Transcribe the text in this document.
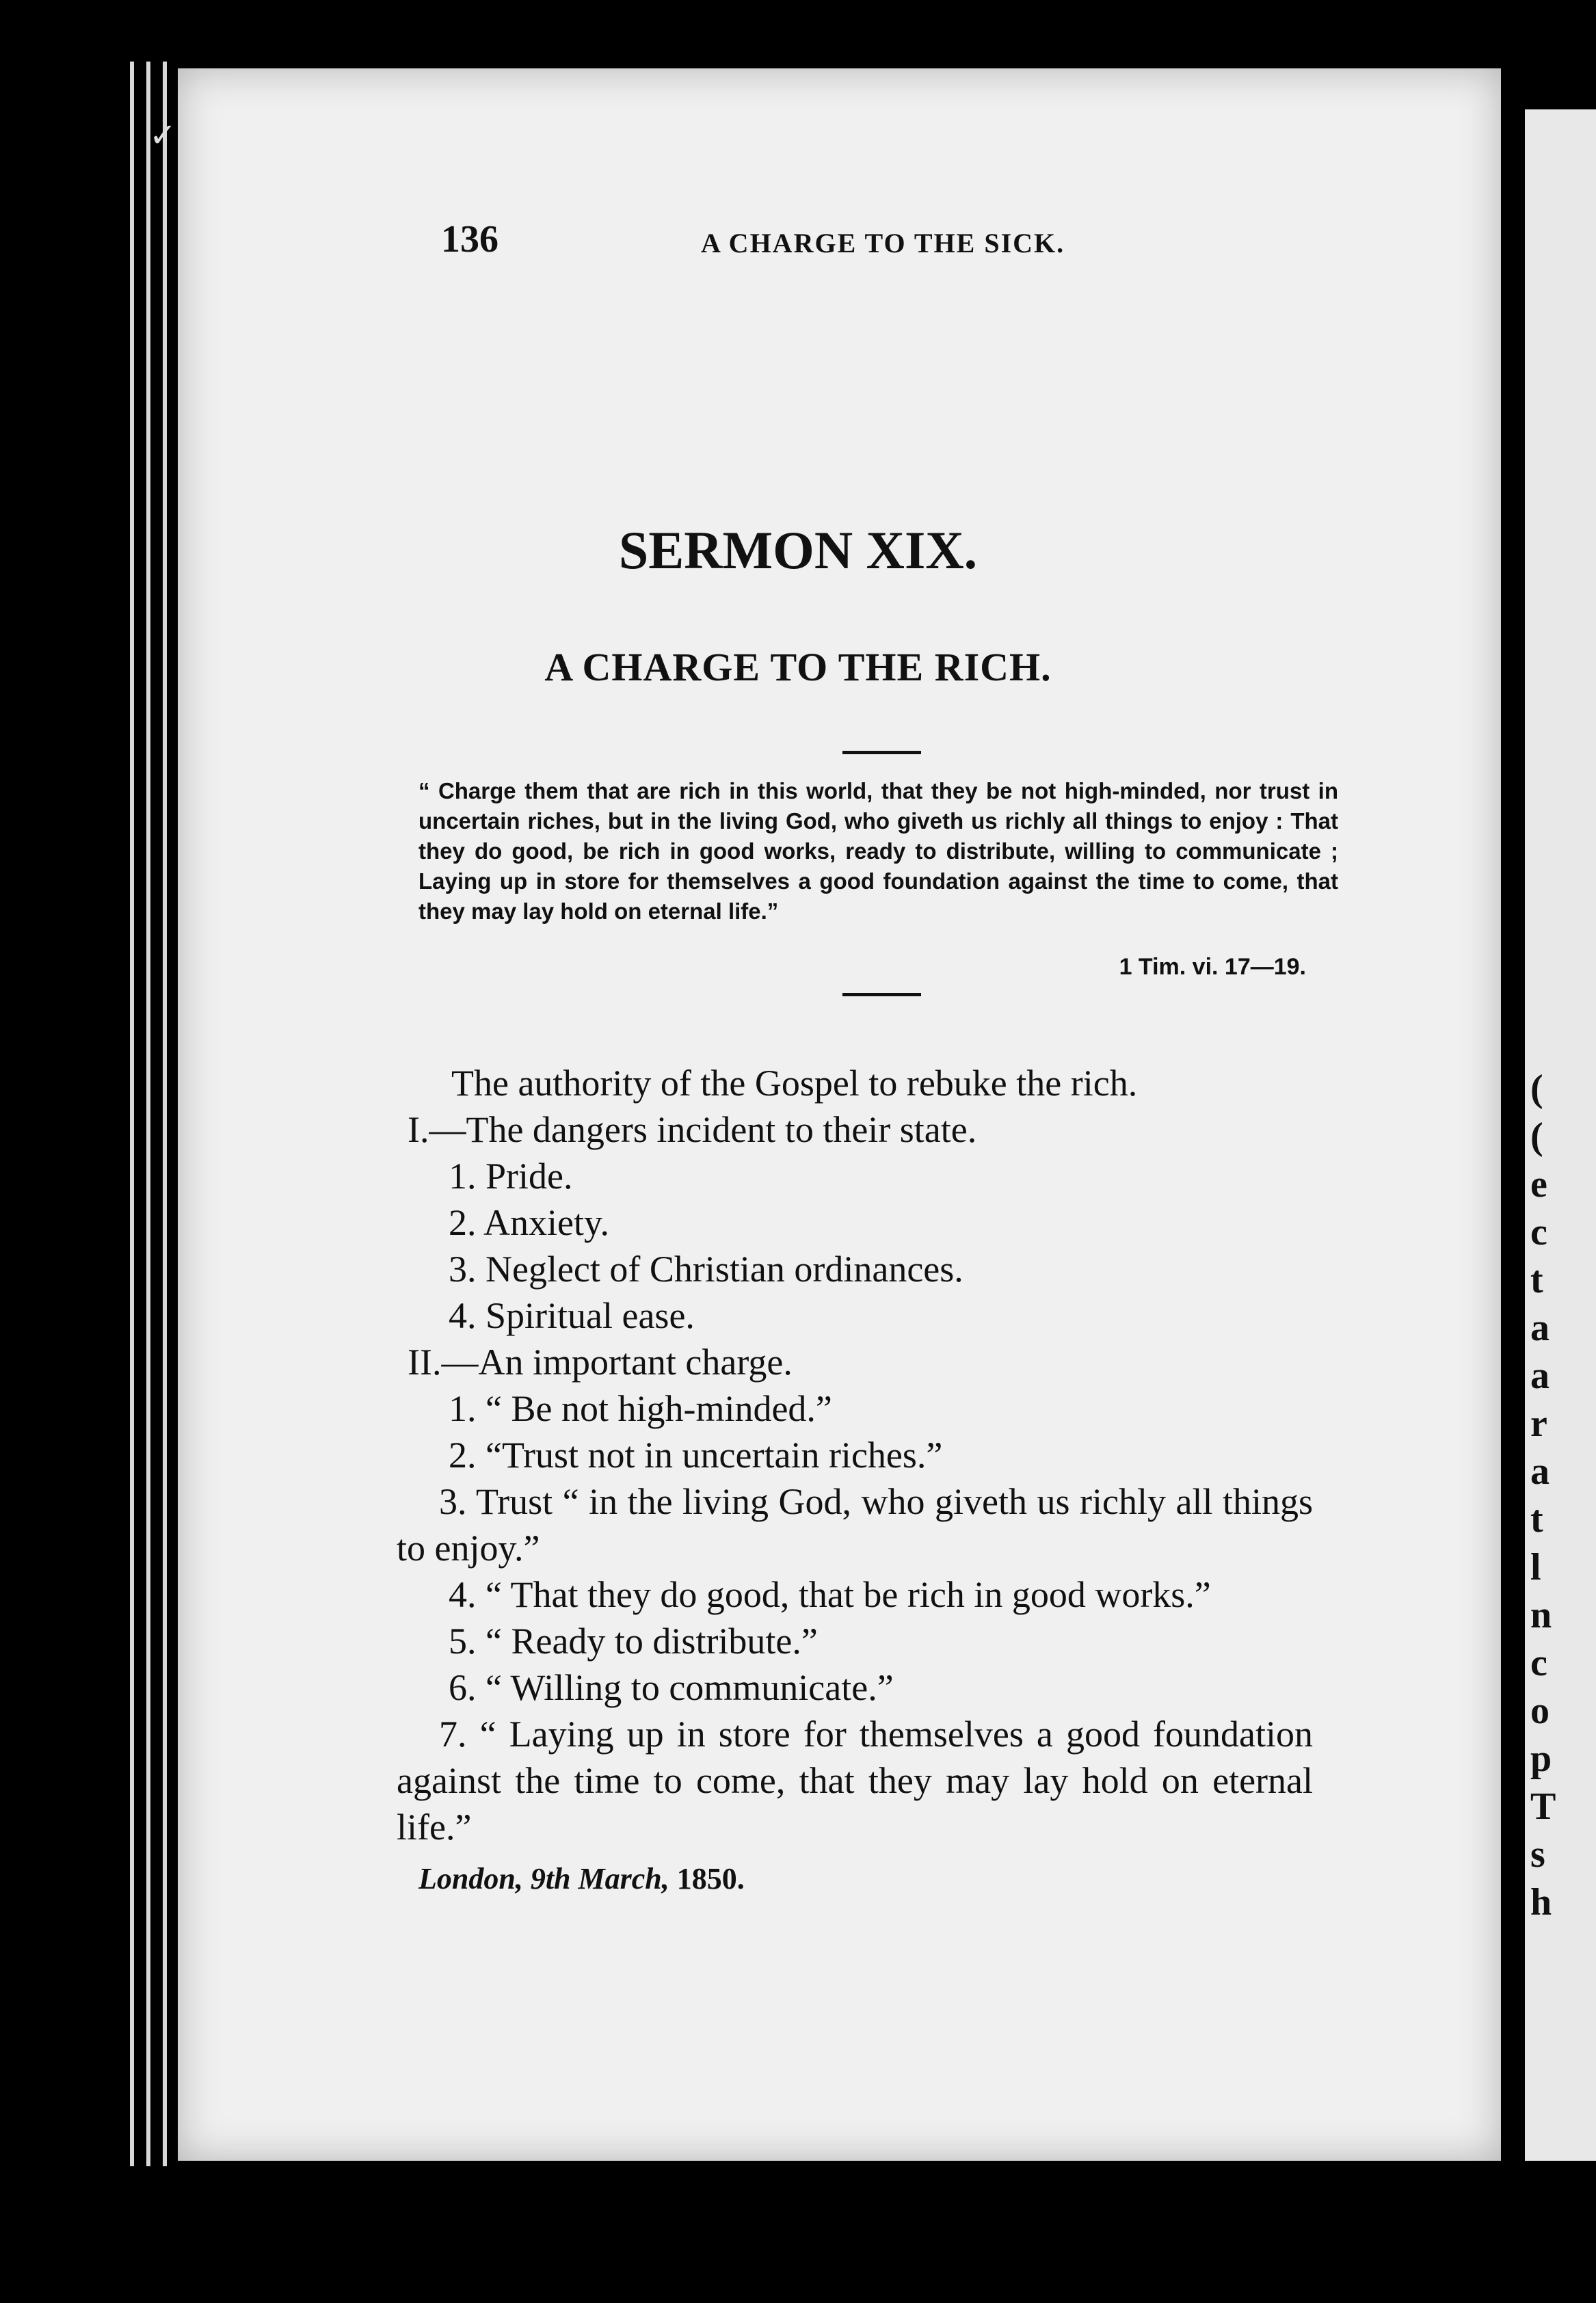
✓
(
(
e
c
t
a
a
r
a
t
l
n
c
o
p
T
s
h
136	A CHARGE TO THE SICK.
SERMON XIX.
A CHARGE TO THE RICH.
“ Charge them that are rich in this world, that they be not high-minded, nor trust in uncertain riches, but in the living God, who giveth us richly all things to enjoy : That they do good, be rich in good works, ready to distribute, willing to communicate ; Laying up in store for themselves a good foundation against the time to come, that they may lay hold on eternal life.”
1 Tim. vi. 17—19.
The authority of the Gospel to rebuke the rich.
I.—The dangers incident to their state.
1. Pride.
2. Anxiety.
3. Neglect of Christian ordinances.
4. Spiritual ease.
II.—An important charge.
1. “ Be not high-minded.”
2. “Trust not in uncertain riches.”
3. Trust “ in the living God, who giveth us richly all things to enjoy.”
4. “ That they do good, that be rich in good works.”
5. “ Ready to distribute.”
6. “ Willing to communicate.”
7. “ Laying up in store for themselves a good foundation against the time to come, that they may lay hold on eternal life.”
London, 9th March, 1850.
